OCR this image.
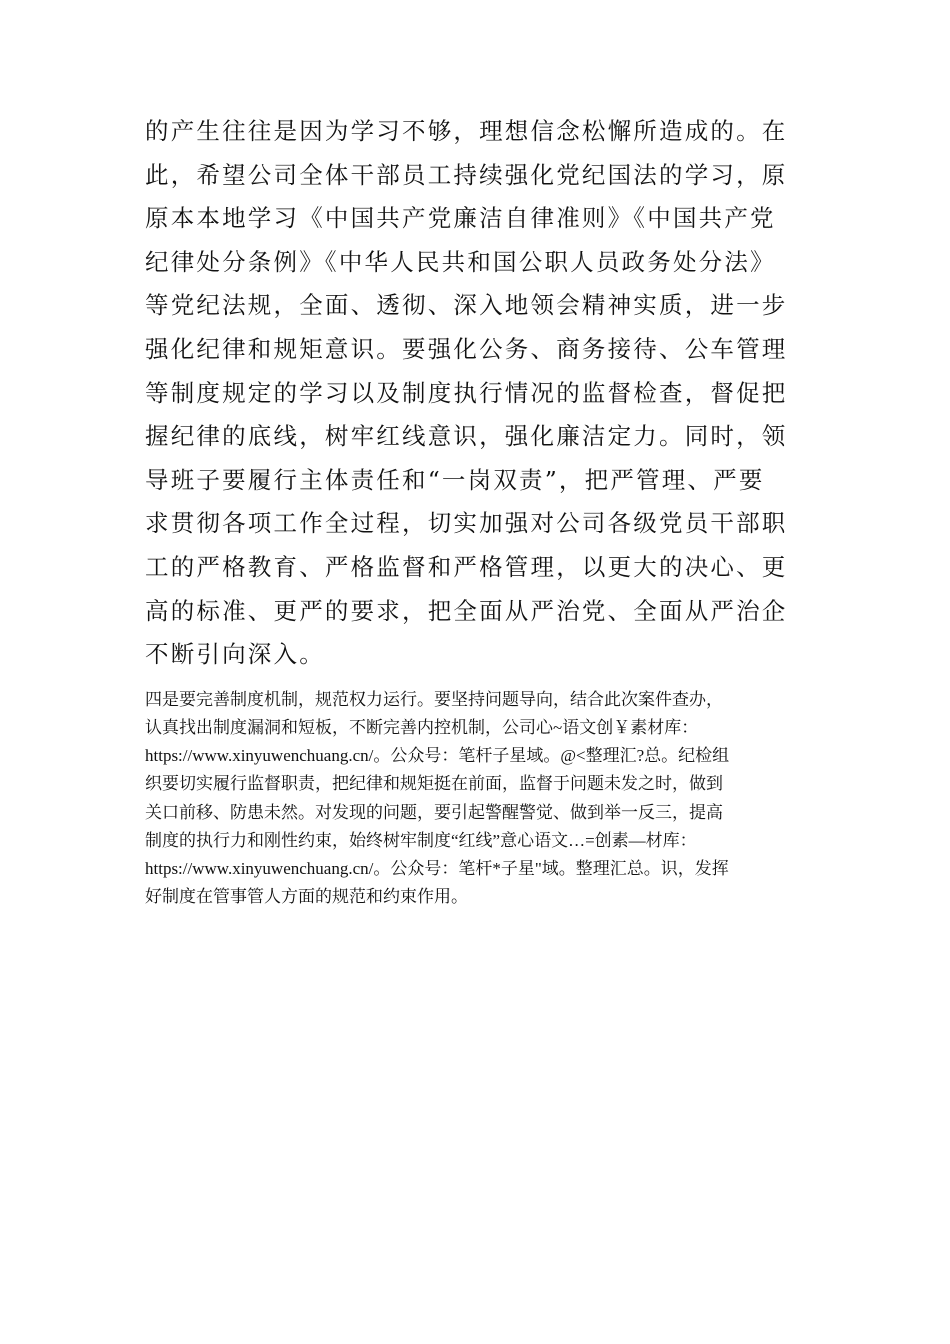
的产生往往是因为学习不够，理想信念松懈所造成的。在
此，希望公司全体干部员工持续强化党纪国法的学习，原
原本本地学习《中国共产党廉洁自律准则》《中国共产党
纪律处分条例》《中华人民共和国公职人员政务处分法》
等党纪法规，全面、透彻、深入地领会精神实质，进一步
强化纪律和规矩意识。要强化公务、商务接待、公车管理
等制度规定的学习以及制度执行情况的监督检查，督促把
握纪律的底线，树牢红线意识，强化廉洁定力。同时，领
导班子要履行主体责任和“一岗双责”，把严管理、严要
求贯彻各项工作全过程，切实加强对公司各级党员干部职
工的严格教育、严格监督和严格管理，以更大的决心、更
高的标准、更严的要求，把全面从严治党、全面从严治企
不断引向深入。
四是要完善制度机制，规范权力运行。要坚持问题导向，结合此次案件查办，
认真找出制度漏洞和短板，不断完善内控机制，公司心~语文创￥素材库：
https://www.xinyuwenchuang.cn/。公众号：笔杆子星域。@<整理汇?总。纪检组
织要切实履行监督职责，把纪律和规矩挺在前面，监督于问题未发之时，做到
关口前移、防患未然。对发现的问题，要引起警醒警觉、做到举一反三，提高
制度的执行力和刚性约束，始终树牢制度“红线”意心语文…=创素—材库：
https://www.xinyuwenchuang.cn/。公众号：笔杆*子星"域。整理汇总。识，发挥
好制度在管事管人方面的规范和约束作用。
